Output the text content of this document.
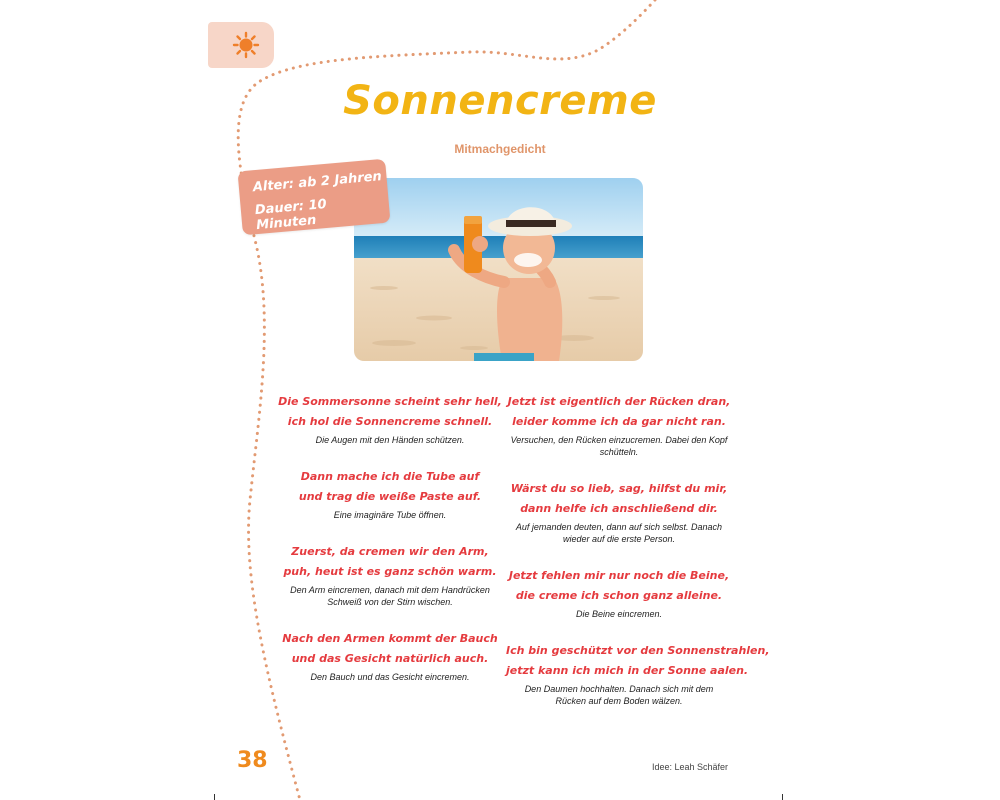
Sonnencreme
Mitmachgedicht
Alter: ab 2 Jahren
Dauer: 10 Minuten
Die Sommersonne scheint sehr hell,
ich hol die Sonnencreme schnell.
Die Augen mit den Händen schützen.
Dann mache ich die Tube auf
und trag die weiße Paste auf.
Eine imaginäre Tube öffnen.
Zuerst, da cremen wir den Arm,
puh, heut ist es ganz schön warm.
Den Arm eincremen, danach mit dem Handrücken
Schweiß von der Stirn wischen.
Nach den Armen kommt der Bauch
und das Gesicht natürlich auch.
Den Bauch und das Gesicht eincremen.
Jetzt ist eigentlich der Rücken dran,
leider komme ich da gar nicht ran.
Versuchen, den Rücken einzucremen. Dabei den Kopf
schütteln.
Wärst du so lieb, sag, hilfst du mir,
dann helfe ich anschließend dir.
Auf jemanden deuten, dann auf sich selbst. Danach
wieder auf die erste Person.
Jetzt fehlen mir nur noch die Beine,
die creme ich schon ganz alleine.
Die Beine eincremen.
Ich bin geschützt vor den Sonnenstrahlen,
jetzt kann ich mich in der Sonne aalen.
Den Daumen hochhalten. Danach sich mit dem
Rücken auf dem Boden wälzen.
38	Idee: Leah Schäfer
